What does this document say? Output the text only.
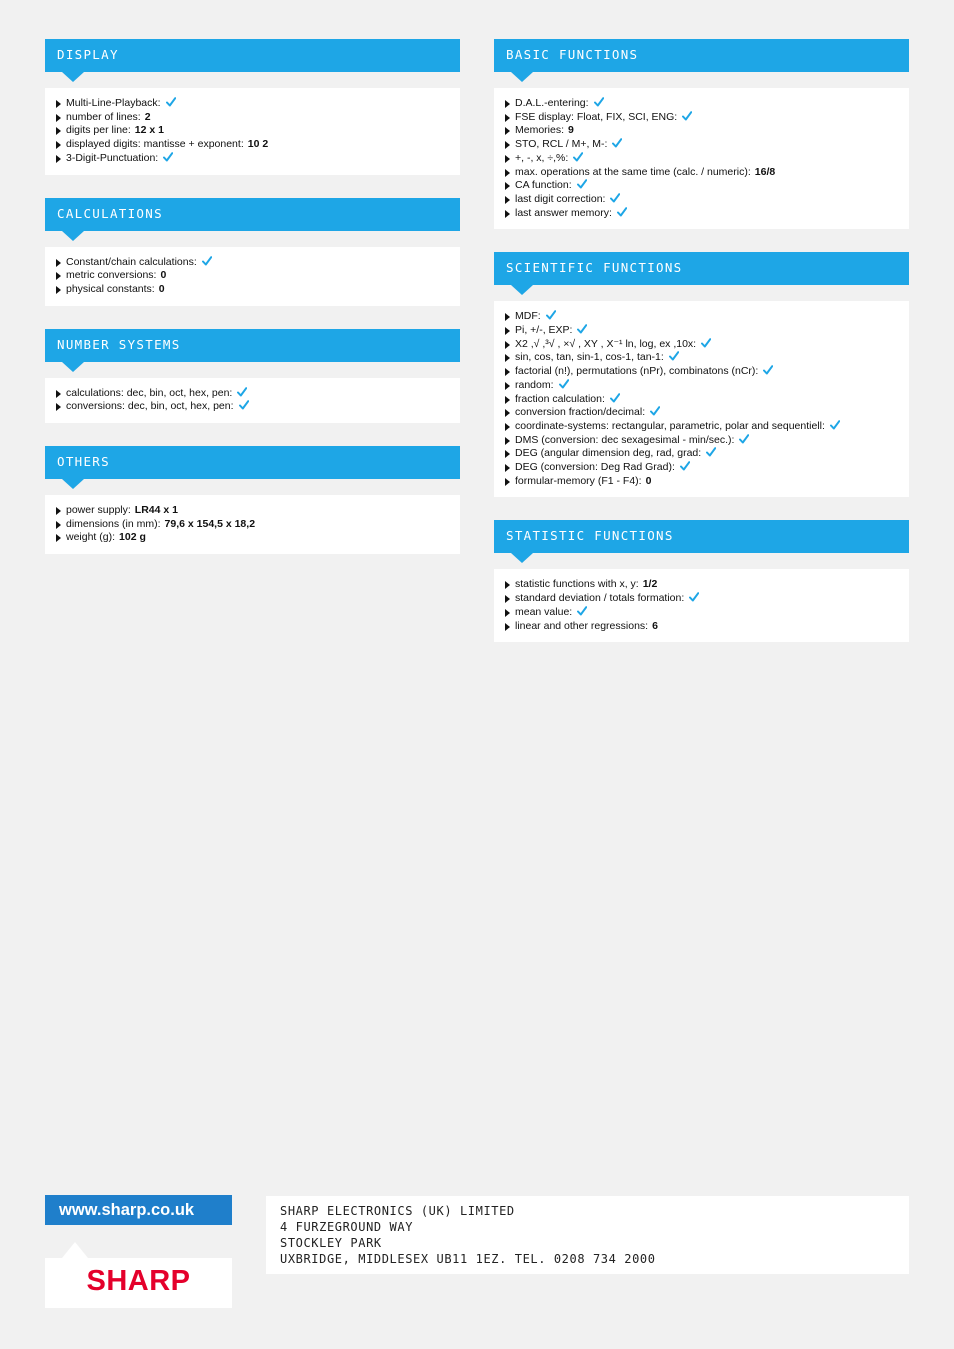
DISPLAY
Multi-Line-Playback:
number of lines: 2
digits per line: 12 x 1
displayed digits: mantisse + exponent: 10 2
3-Digit-Punctuation:
CALCULATIONS
Constant/chain calculations:
metric conversions: 0
physical constants: 0
NUMBER SYSTEMS
calculations: dec, bin, oct, hex, pen:
conversions: dec, bin, oct, hex, pen:
OTHERS
power supply: LR44 x 1
dimensions (in mm): 79,6 x 154,5 x 18,2
weight (g): 102 g
BASIC FUNCTIONS
D.A.L.-entering:
FSE display: Float, FIX, SCI, ENG:
Memories: 9
STO, RCL / M+, M-:
+, -, x, ÷,%:
max. operations at the same time (calc. / numeric): 16/8
CA function:
last digit correction:
last answer memory:
SCIENTIFIC FUNCTIONS
MDF:
Pi, +/-, EXP:
X2 ,√ ,³√ , ×√ , XY , X⁻¹ ln, log, ex ,10x:
sin, cos, tan, sin-1, cos-1, tan-1:
factorial (n!), permutations (nPr), combinatons (nCr):
random:
fraction calculation:
conversion fraction/decimal:
coordinate-systems: rectangular, parametric, polar and sequentiell:
DMS (conversion: dec sexagesimal - min/sec.):
DEG (angular dimension deg, rad, grad:
DEG (conversion: Deg Rad Grad):
formular-memory (F1 - F4): 0
STATISTIC FUNCTIONS
statistic functions with x, y: 1/2
standard deviation / totals formation:
mean value:
linear and other regressions: 6
www.sharp.co.uk
SHARP
SHARP ELECTRONICS (UK) LIMITED
4 FURZEGROUND WAY
STOCKLEY PARK
UXBRIDGE, MIDDLESEX UB11 1EZ. TEL. 0208 734 2000
